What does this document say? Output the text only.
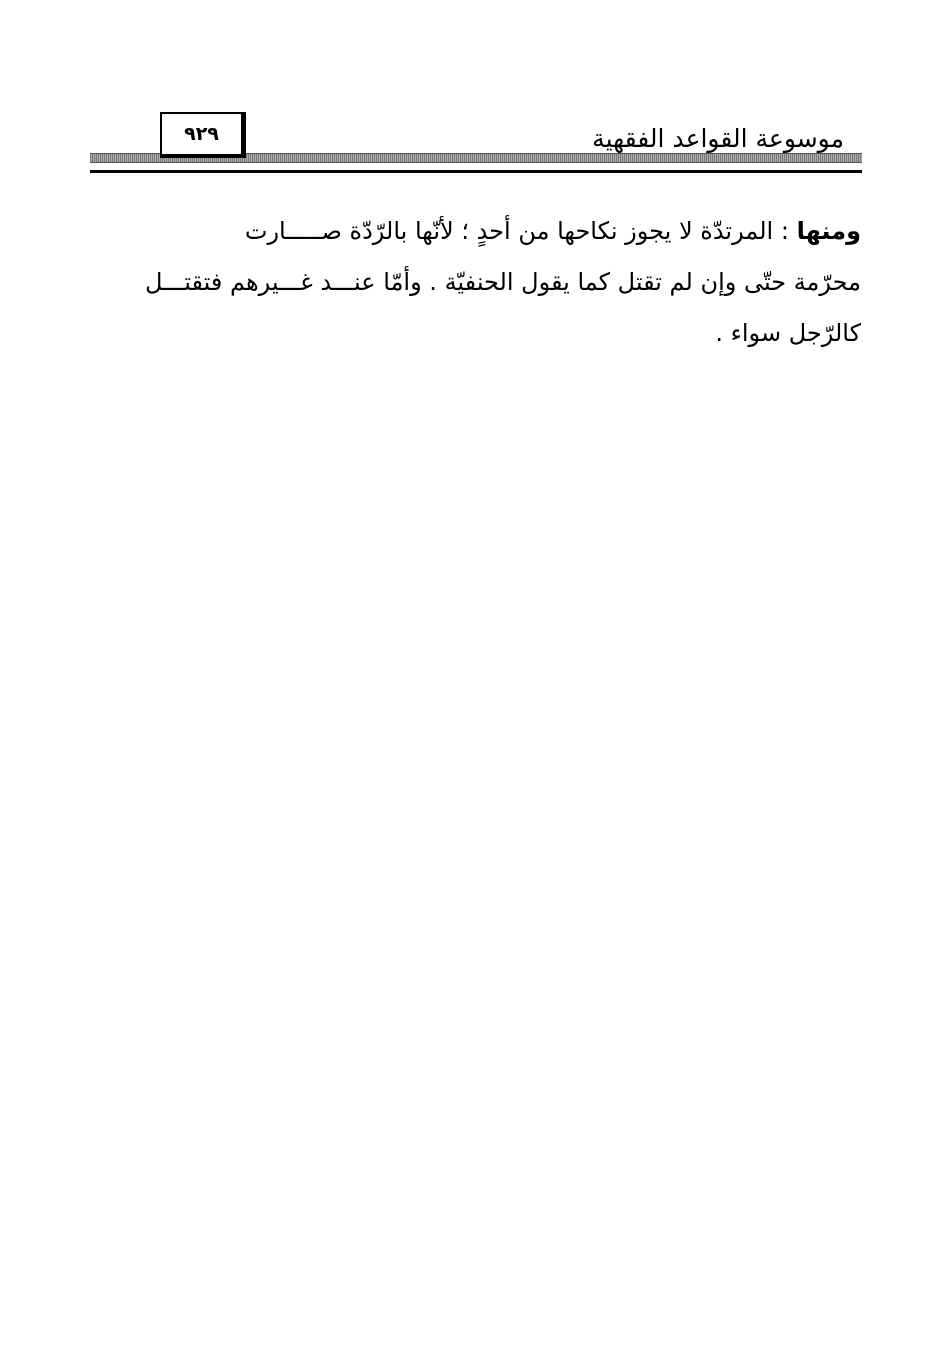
موسوعة القواعد الفقهية
٩٢٩
ومنها : المرتدّة لا يجوز نكاحها من أحدٍ ؛ لأنّها بالرّدّة صـــــارت
محرّمة حتّى وإن لم تقتل كما يقول الحنفيّة . وأمّا عنـــد غـــيرهم فتقتـــل
كالرّجل سواء .
